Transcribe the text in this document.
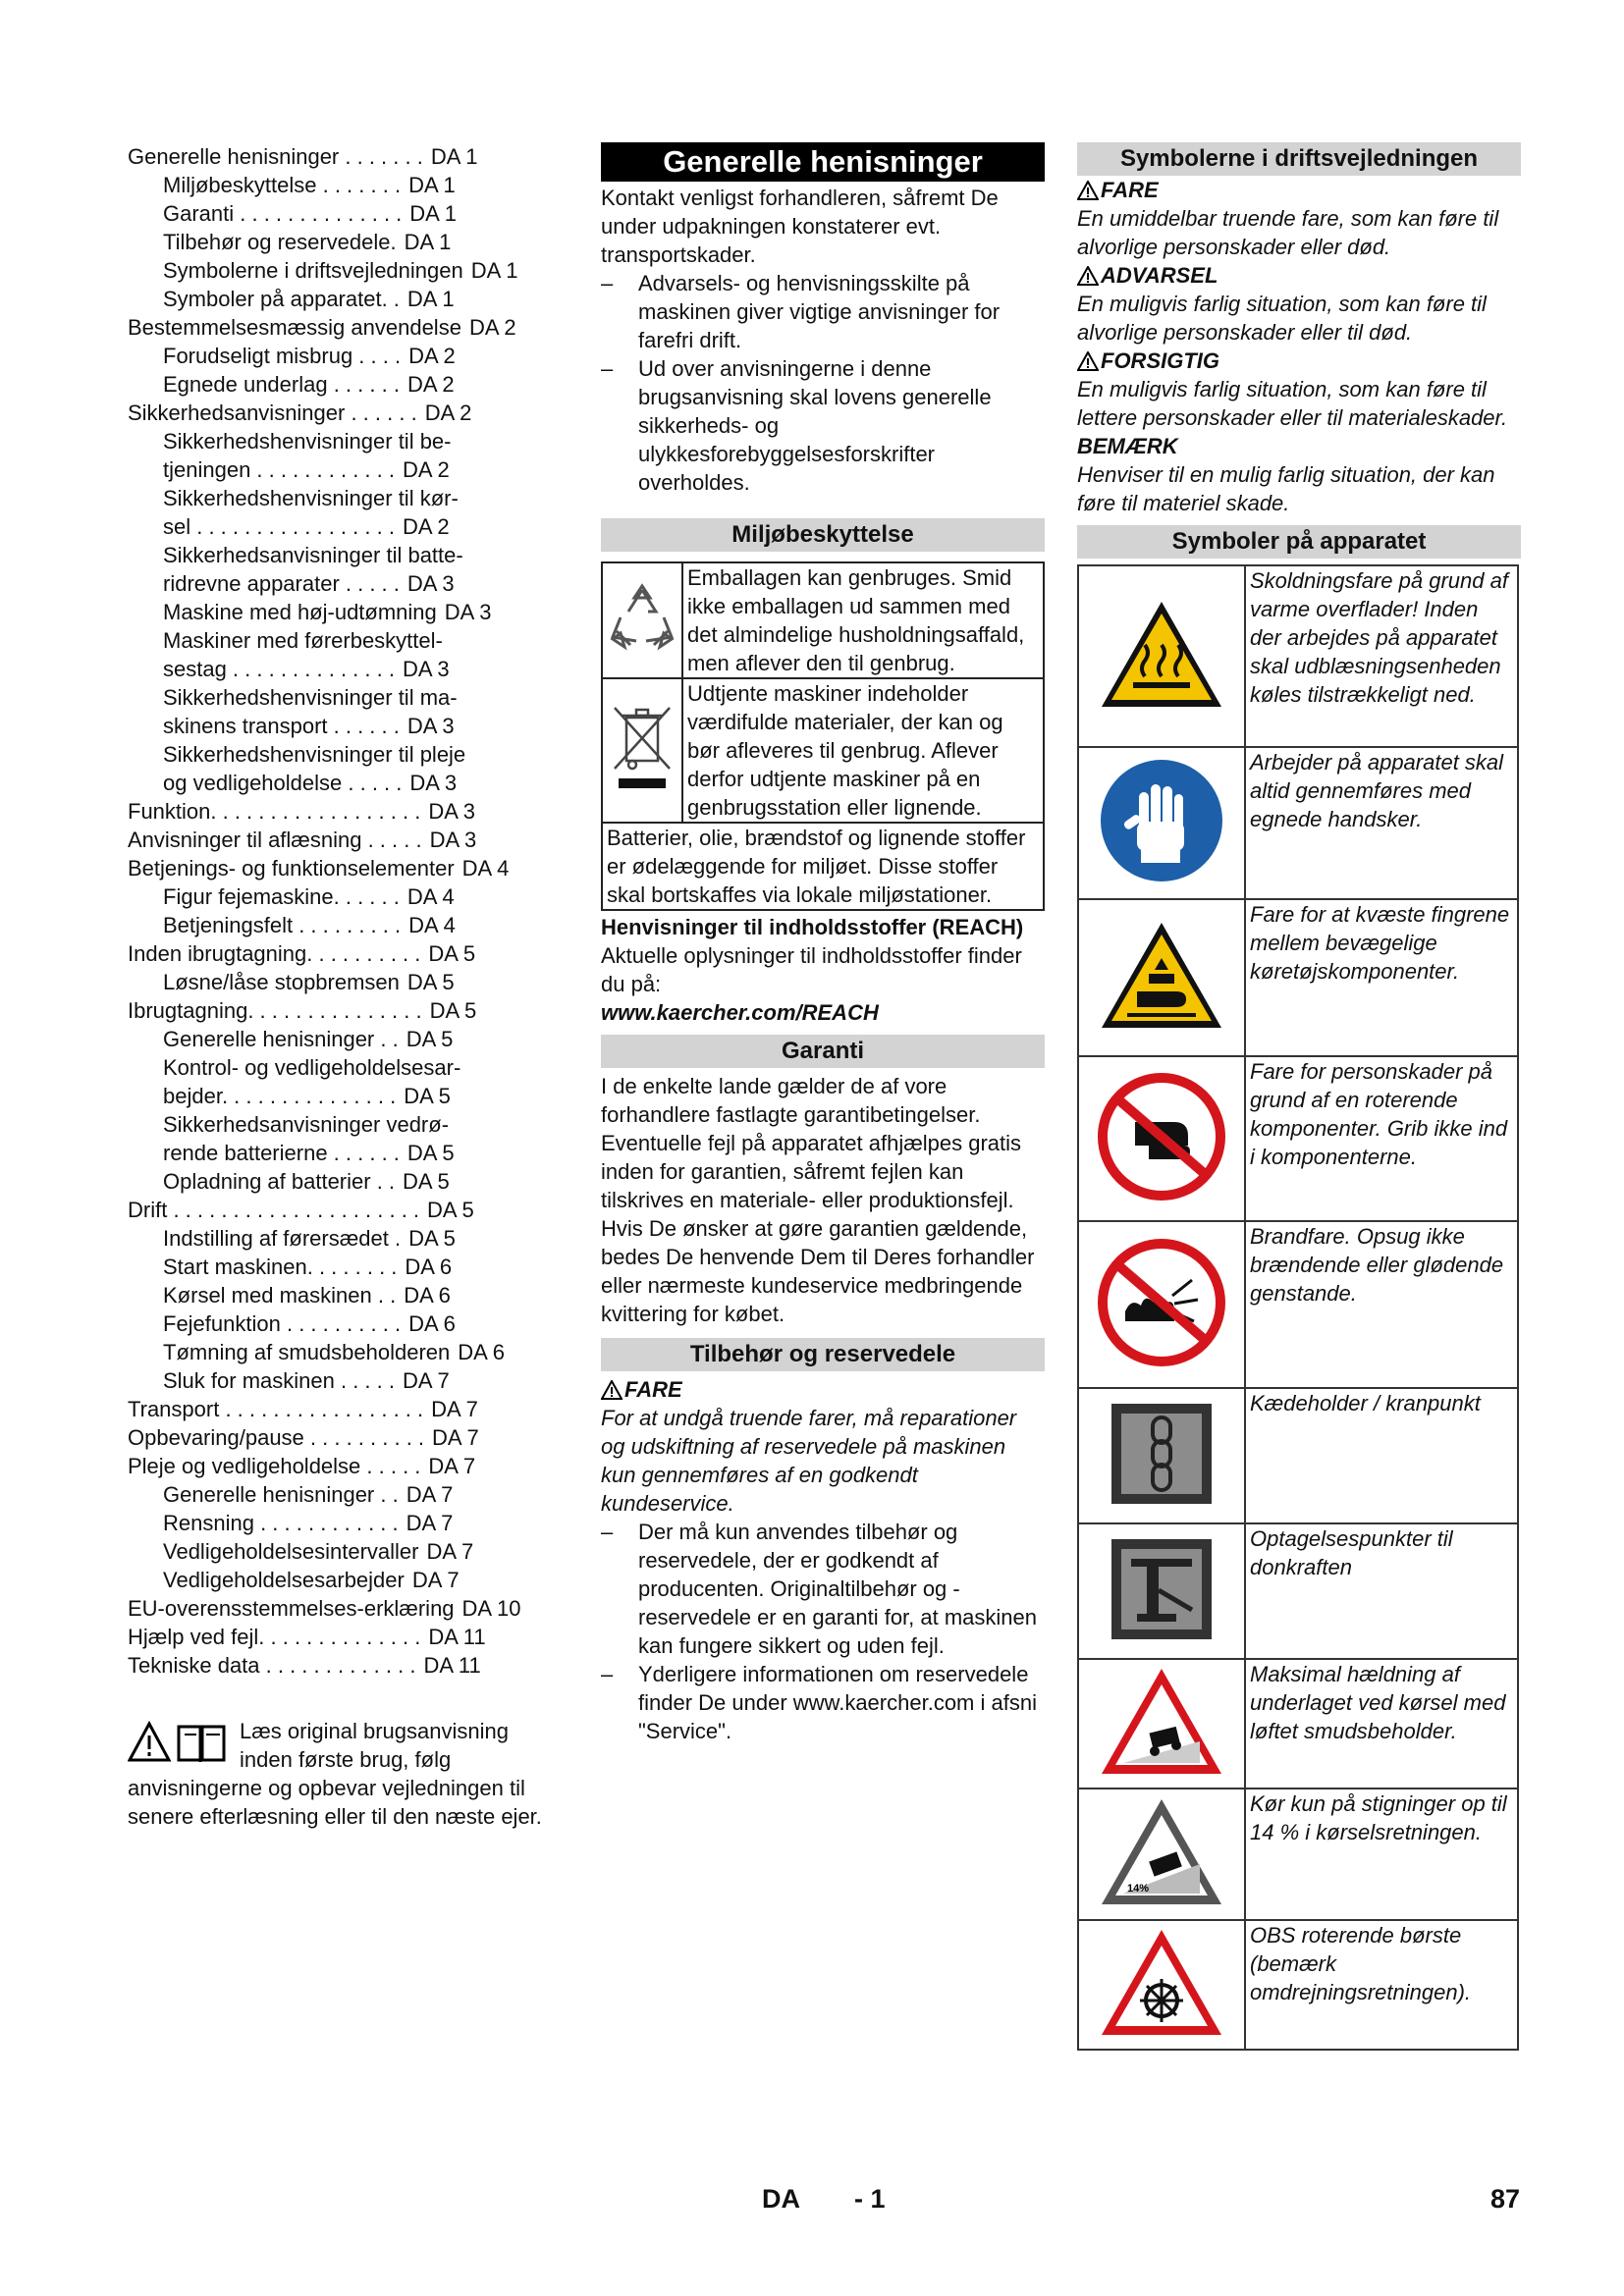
Generelle henisninger . . . . . . . DA 1
Miljøbeskyttelse . . . . . . . DA 1
Garanti . . . . . . . . . . . . . . DA 1
Tilbehør og reservedele. DA 1
Symbolerne i driftsvejledningen DA 1
Symboler på apparatet. . DA 1
Bestemmelsesmæssig anvendelse DA 2
Forudseligt misbrug . . . . DA 2
Egnede underlag . . . . . . DA 2
Sikkerhedsanvisninger . . . . . . DA 2
Sikkerhedshenvisninger til be-
tjeningen . . . . . . . . . . . . DA 2
Sikkerhedshenvisninger til kør-
sel . . . . . . . . . . . . . . . . . DA 2
Sikkerhedsanvisninger til batte-
ridrevne apparater . . . . . DA 3
Maskine med høj-udtømning DA 3
Maskiner med førerbeskyttel-
sestag . . . . . . . . . . . . . . DA 3
Sikkerhedshenvisninger til ma-
skinens transport . . . . . . DA 3
Sikkerhedshenvisninger til pleje
og vedligeholdelse . . . . . DA 3
Funktion. . . . . . . . . . . . . . . . . . DA 3
Anvisninger til aflæsning . . . . . DA 3
Betjenings- og funktionselementer DA 4
Figur fejemaskine. . . . . . DA 4
Betjeningsfelt . . . . . . . . . DA 4
Inden ibrugtagning. . . . . . . . . . DA 5
Løsne/låse stopbremsen DA 5
Ibrugtagning. . . . . . . . . . . . . . . DA 5
Generelle henisninger . . DA 5
Kontrol- og vedligeholdelsesar-
bejder. . . . . . . . . . . . . . . DA 5
Sikkerhedsanvisninger vedrø-
rende batterierne . . . . . . DA 5
Opladning af batterier . . DA 5
Drift . . . . . . . . . . . . . . . . . . . . . DA 5
Indstilling af førersædet . DA 5
Start maskinen. . . . . . . . DA 6
Kørsel med maskinen . . DA 6
Fejefunktion . . . . . . . . . . DA 6
Tømning af smudsbeholderen DA 6
Sluk for maskinen . . . . . DA 7
Transport . . . . . . . . . . . . . . . . . DA 7
Opbevaring/pause . . . . . . . . . . DA 7
Pleje og vedligeholdelse . . . . . DA 7
Generelle henisninger . . DA 7
Rensning . . . . . . . . . . . . DA 7
Vedligeholdelsesintervaller DA 7
Vedligeholdelsesarbejder DA 7
EU-overensstemmelses-erklæring DA 10
Hjælp ved fejl. . . . . . . . . . . . . . DA 11
Tekniske data . . . . . . . . . . . . . DA 11
Læs original brugsanvisning inden første brug, følg anvisningerne og opbevar vejledningen til senere efterlæsning eller til den næste ejer.
Generelle henisninger

Kontakt venligst forhandleren, såfremt De under udpakningen konstaterer evt. transportskader.

– Advarsels- og henvisningsskilte på maskinen giver vigtige anvisninger for farefri drift.
– Ud over anvisningerne i denne brugsanvisning skal lovens generelle sikkerheds- og ulykkesforebyggelsesforskrifter overholdes.
Miljøbeskyttelse
	Emballagen kan genbruges. Smid ikke emballagen ud sammen med det almindelige husholdningsaffald, men aflever den til genbrug.
	Udtjente maskiner indeholder værdifulde materialer, der kan og bør afleveres til genbrug. Aflever derfor udtjente maskiner på en genbrugsstation eller lignende.
Batterier, olie, brændstof og lignende stoffer er ødelæggende for miljøet. Disse stoffer skal bortskaffes via lokale miljøstationer.

Henvisninger til indholdsstoffer (REACH)

Aktuelle oplysninger til indholdsstoffer finder du på:

www.kaercher.com/REACH

Garanti

I de enkelte lande gælder de af vore forhandlere fastlagte garantibetingelser. Eventuelle fejl på apparatet afhjælpes gratis inden for garantien, såfremt fejlen kan tilskrives en materiale- eller produktionsfejl. Hvis De ønsker at gøre garantien gældende, bedes De henvende Dem til Deres forhandler eller nærmeste kundeservice medbringende kvittering for købet.

Tilbehør og reservedele
FARE

For at undgå truende farer, må reparationer og udskiftning af reservedele på maskinen kun gennemføres af en godkendt kundeservice.

– Der må kun anvendes tilbehør og reservedele, der er godkendt af producenten. Originaltilbehør og -reservedele er en garanti for, at maskinen kan fungere sikkert og uden fejl.
– Yderligere informationen om reservedele finder De under www.kaercher.com i afsni "Service".
Symbolerne i driftsvejledningen
FARE

En umiddelbar truende fare, som kan føre til alvorlige personskader eller død.

ADVARSEL

En muligvis farlig situation, som kan føre til alvorlige personskader eller til død.

FORSIGTIG

En muligvis farlig situation, som kan føre til lettere personskader eller til materialeskader.

BEMÆRK

Henviser til en mulig farlig situation, der kan føre til materiel skade.

Symboler på apparatet
	Skoldningsfare på grund af varme overflader! Inden der arbejdes på apparatet skal udblæsningsenheden køles tilstrækkeligt ned.
	Arbejder på apparatet skal altid gennemføres med egnede handsker.
	Fare for at kvæste fingrene mellem bevægelige køretøjskomponenter.
	Fare for personskader på grund af en roterende komponenter. Grib ikke ind i komponenterne.
	Brandfare. Opsug ikke brændende eller glødende genstande.
	Kædeholder / kranpunkt
	Optagelsespunkter til donkraften
	Maksimal hældning af underlaget ved kørsel med løftet smudsbeholder.

14%	Kør kun på stigninger op til 14 % i kørselsretningen.
	OBS roterende børste (bemærk omdrejningsretningen).
DA - 1	87
